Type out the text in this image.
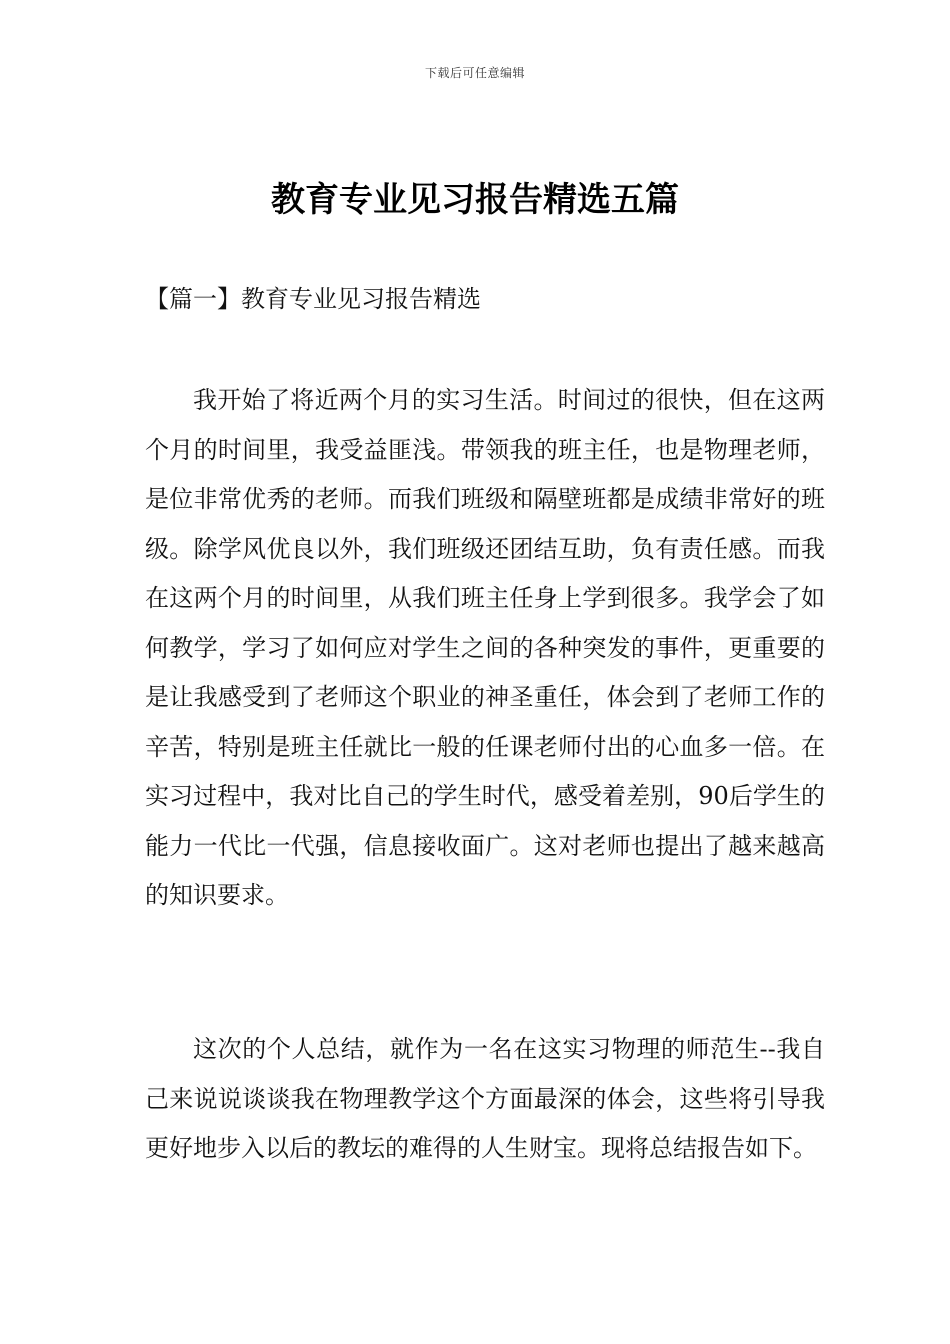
下载后可任意编辑
教育专业见习报告精选五篇
【篇一】教育专业见习报告精选

我开始了将近两个月的实习生活。时间过的很快，但在这两个月的时间里，我受益匪浅。带领我的班主任，也是物理老师，是位非常优秀的老师。而我们班级和隔壁班都是成绩非常好的班级。除学风优良以外，我们班级还团结互助，负有责任感。而我在这两个月的时间里，从我们班主任身上学到很多。我学会了如何教学，学习了如何应对学生之间的各种突发的事件，更重要的是让我感受到了老师这个职业的神圣重任，体会到了老师工作的辛苦，特别是班主任就比一般的任课老师付出的心血多一倍。在实习过程中，我对比自己的学生时代，感受着差别，90后学生的能力一代比一代强，信息接收面广。这对老师也提出了越来越高的知识要求。

这次的个人总结，就作为一名在这实习物理的师范生--我自己来说说谈谈我在物理教学这个方面最深的体会，这些将引导我更好地步入以后的教坛的难得的人生财宝。现将总结报告如下。
